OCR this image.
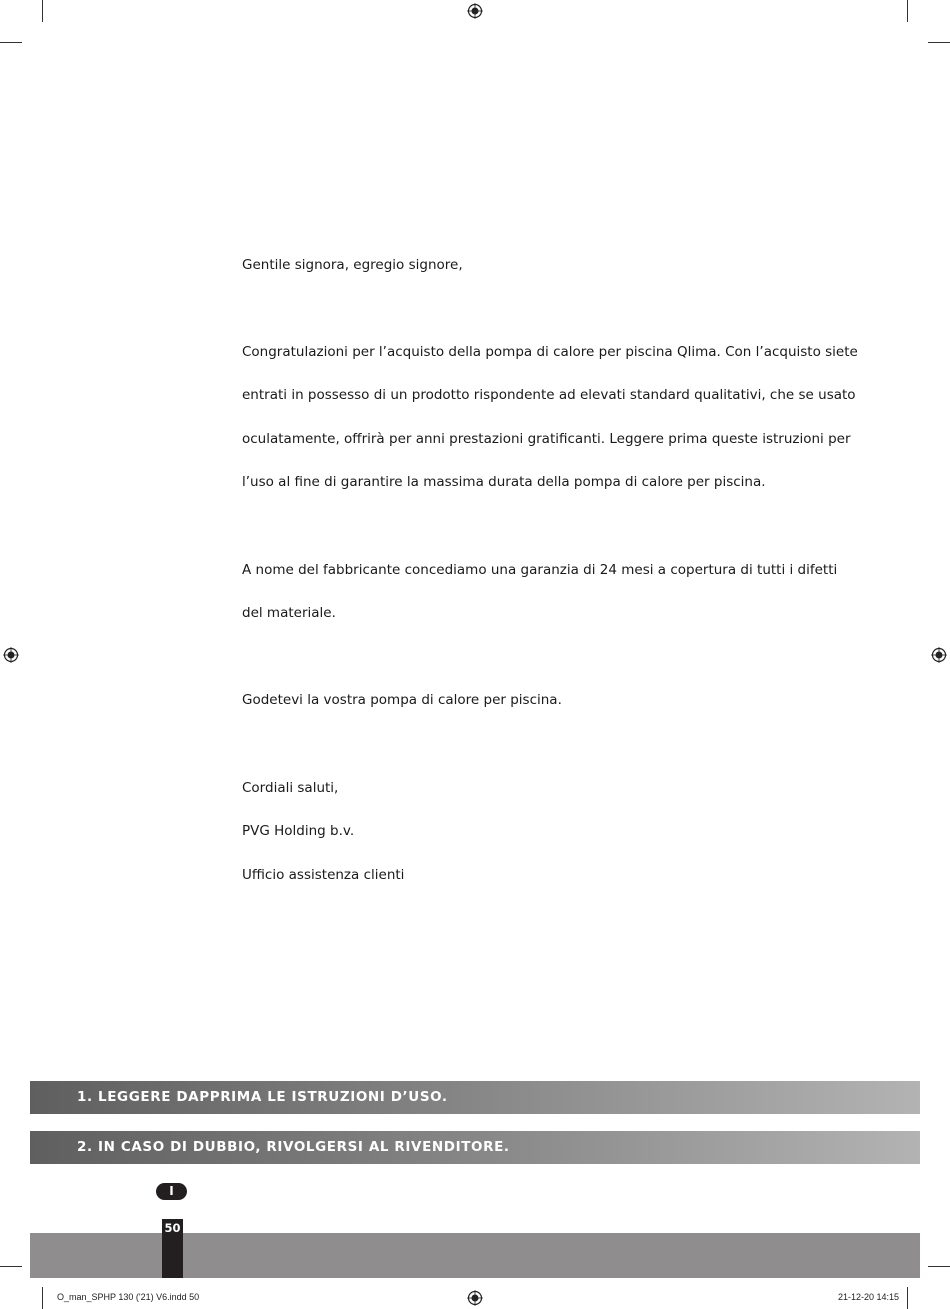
Gentile signora, egregio signore,

Congratulazioni per l’acquisto della pompa di calore per piscina Qlima. Con l’acquisto siete

entrati in possesso di un prodotto rispondente ad elevati standard qualitativi, che se usato

oculatamente, offrirà per anni prestazioni gratificanti. Leggere prima queste istruzioni per

l’uso al fine di garantire la massima durata della pompa di calore per piscina.

A nome del fabbricante concediamo una garanzia di 24 mesi a copertura di tutti i difetti

del materiale.

Godetevi la vostra pompa di calore per piscina.

Cordiali saluti,

PVG Holding b.v.

Ufficio assistenza clienti

1. LEGGERE DAPPRIMA LE ISTRUZIONI D’USO.
2. IN CASO DI DUBBIO, RIVOLGERSI AL RIVENDITORE.
I
50
O_man_SPHP 130 ('21) V6.indd 50	21-12-20 14:15
